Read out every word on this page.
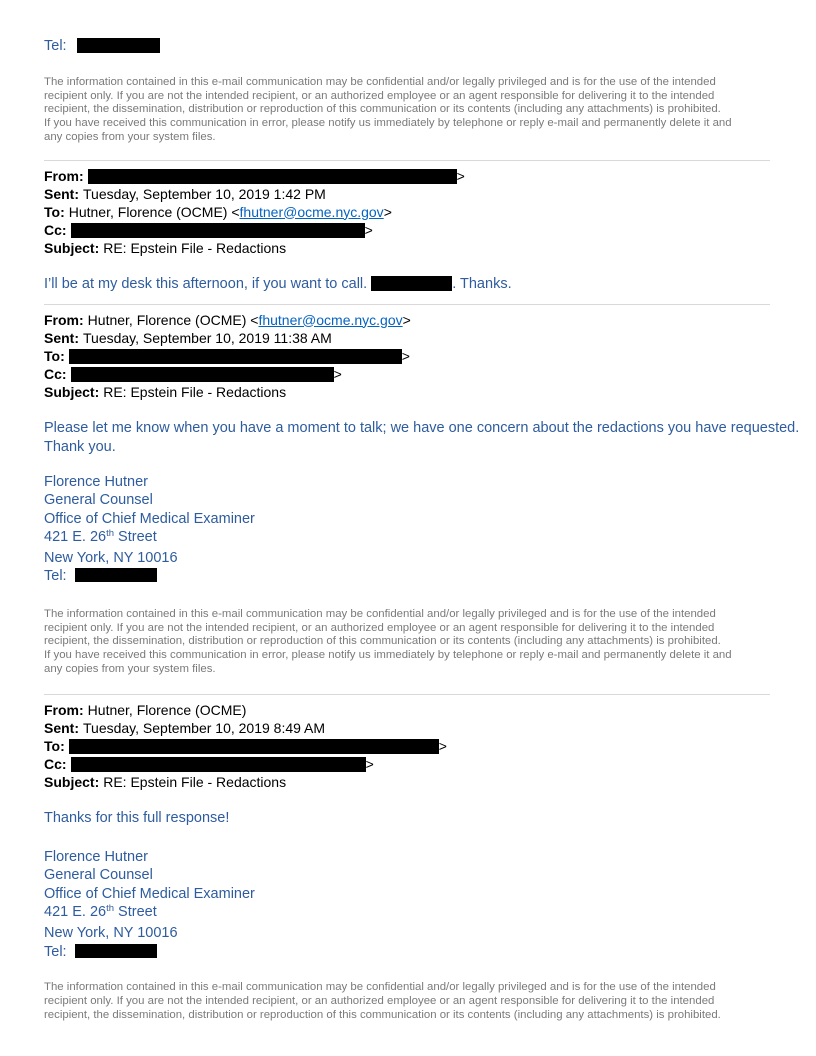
Tel:
The information contained in this e-mail communication may be confidential and/or legally privileged and is for the use of the intended
recipient only. If you are not the intended recipient, or an authorized employee or an agent responsible for delivering it to the intended
recipient, the dissemination, distribution or reproduction of this communication or its contents (including any attachments) is prohibited.
If you have received this communication in error, please notify us immediately by telephone or reply e-mail and permanently delete it and
any copies from your system files.
From:	>
Sent: Tuesday, September 10, 2019 1:42 PM
To: Hutner, Florence (OCME) <fhutner@ocme.nyc.gov>
Cc:	>
Subject: RE: Epstein File - Redactions
I’ll be at my desk this afternoon, if you want to call.	. Thanks.
From: Hutner, Florence (OCME) <fhutner@ocme.nyc.gov>
Sent: Tuesday, September 10, 2019 11:38 AM
To:	>
Cc:	>
Subject: RE: Epstein File - Redactions
Please let me know when you have a moment to talk; we have one concern about the redactions you have requested.
Thank you.
Florence Hutner
General Counsel
Office of Chief Medical Examiner
421 E. 26th Street
New York, NY 10016
Tel:
The information contained in this e-mail communication may be confidential and/or legally privileged and is for the use of the intended
recipient only. If you are not the intended recipient, or an authorized employee or an agent responsible for delivering it to the intended
recipient, the dissemination, distribution or reproduction of this communication or its contents (including any attachments) is prohibited.
If you have received this communication in error, please notify us immediately by telephone or reply e-mail and permanently delete it and
any copies from your system files.
From: Hutner, Florence (OCME)
Sent: Tuesday, September 10, 2019 8:49 AM
To:	>
Cc:	>
Subject: RE: Epstein File - Redactions
Thanks for this full response!
Florence Hutner
General Counsel
Office of Chief Medical Examiner
421 E. 26th Street
New York, NY 10016
Tel:
The information contained in this e-mail communication may be confidential and/or legally privileged and is for the use of the intended
recipient only. If you are not the intended recipient, or an authorized employee or an agent responsible for delivering it to the intended
recipient, the dissemination, distribution or reproduction of this communication or its contents (including any attachments) is prohibited.
